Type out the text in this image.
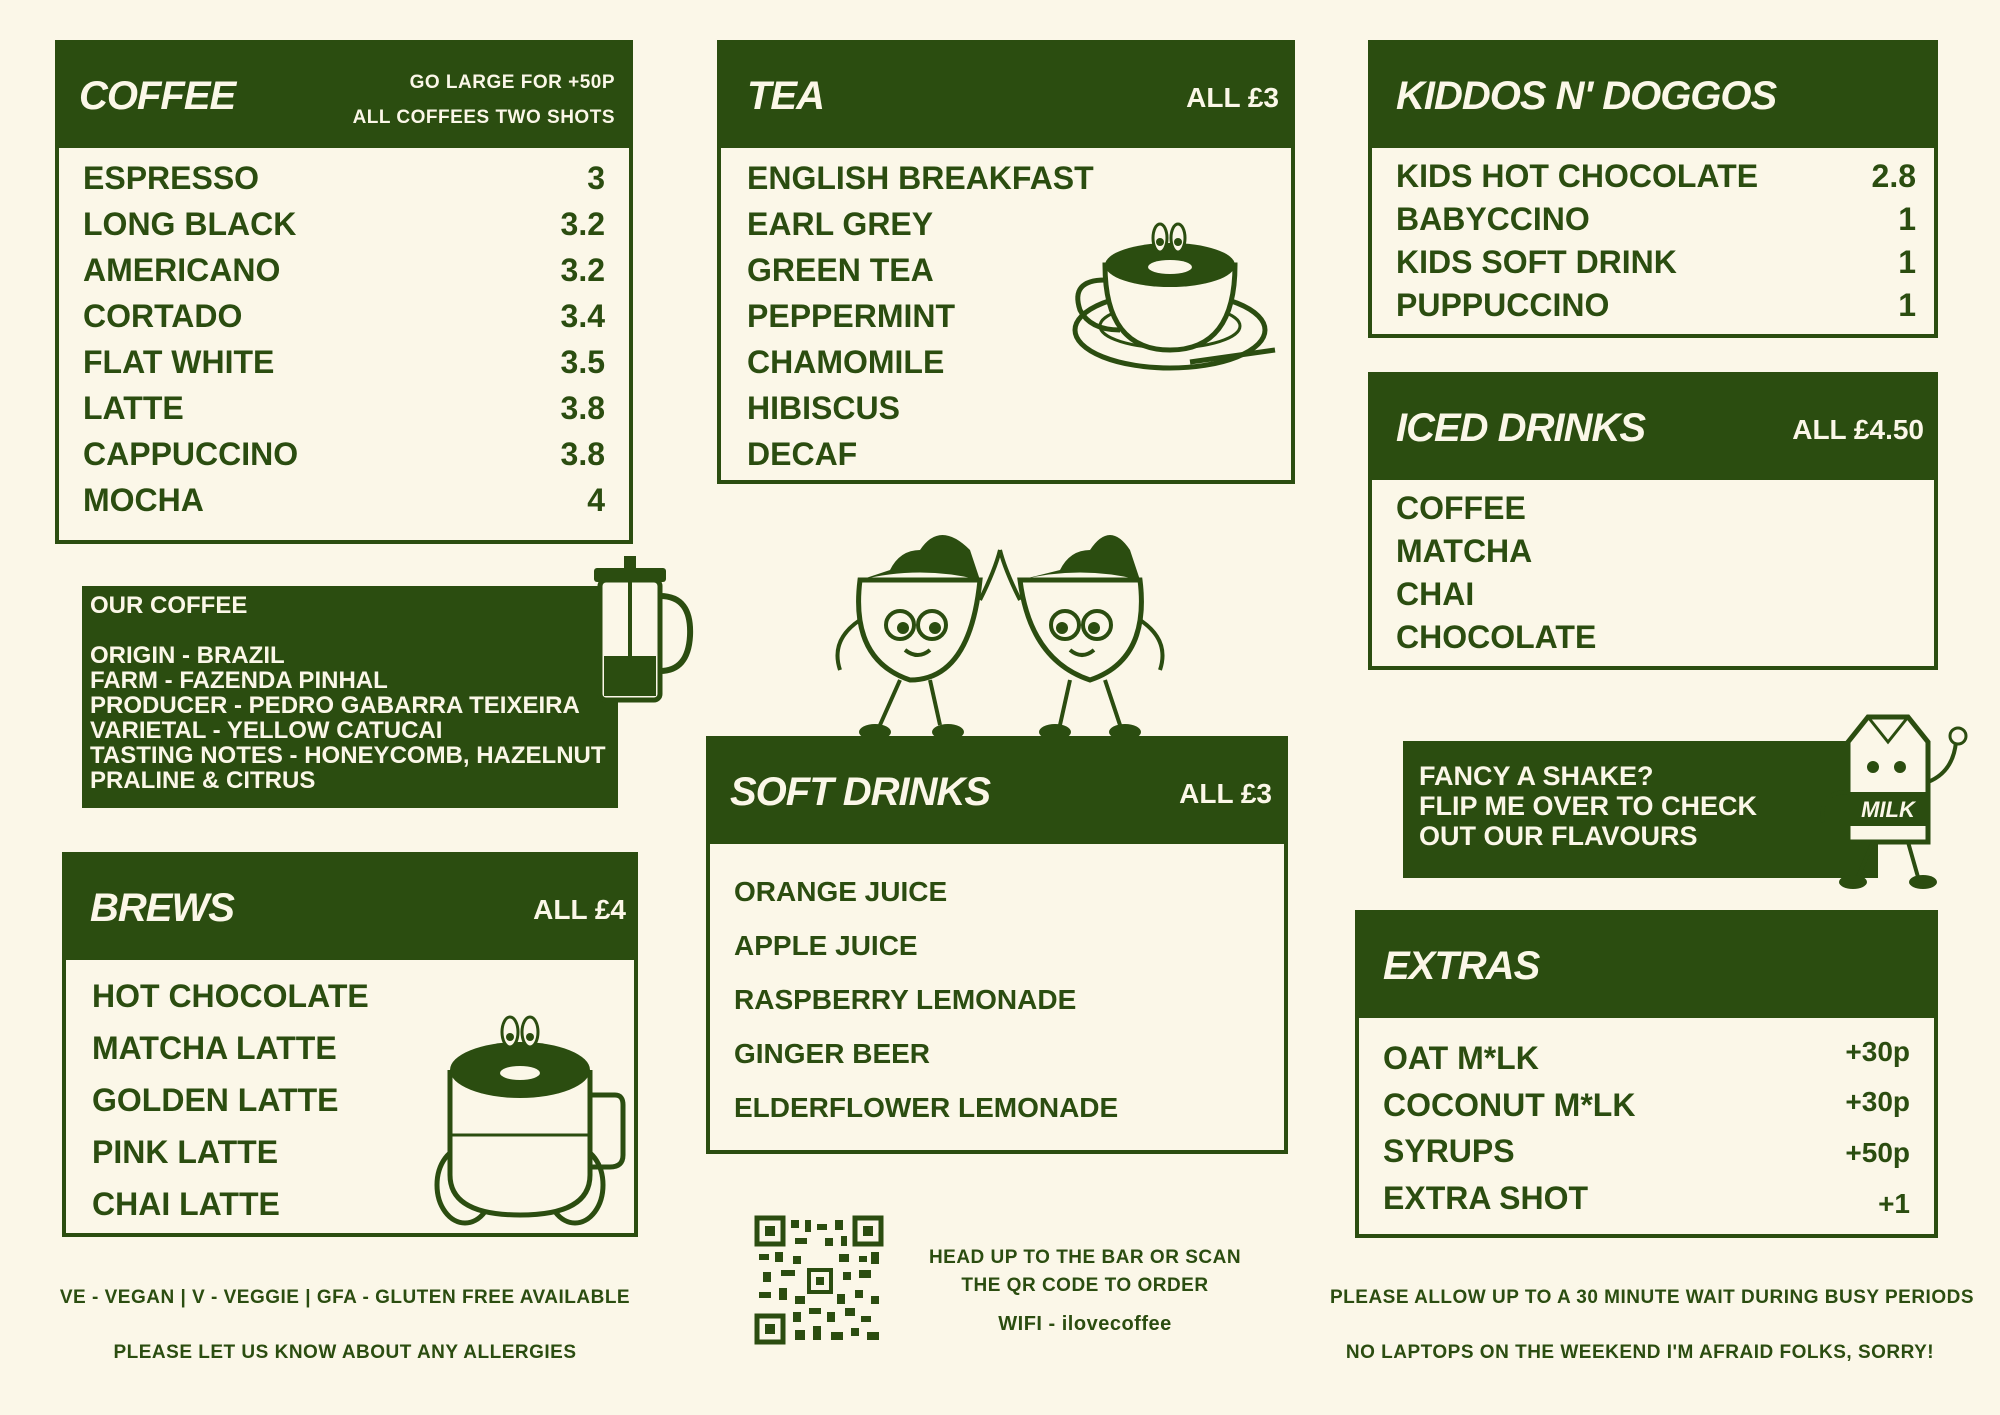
COFFEE	GO LARGE FOR +50P
ALL COFFEES TWO SHOTS
ESPRESSO	3
LONG BLACK	3.2
AMERICANO	3.2
CORTADO	3.4
FLAT WHITE	3.5
LATTE	3.8
CAPPUCCINO	3.8
MOCHA	4
TEA	ALL £3
ENGLISH BREAKFAST
EARL GREY
GREEN TEA
PEPPERMINT
CHAMOMILE
HIBISCUS
DECAF
KIDDOS N' DOGGOS
KIDS HOT CHOCOLATE	2.8
BABYCCINO	1
KIDS SOFT DRINK	1
PUPPUCCINO	1
ICED DRINKS	ALL £4.50
COFFEE
MATCHA
CHAI
CHOCOLATE
OUR COFFEE
ORIGIN - BRAZIL
FARM - FAZENDA PINHAL
PRODUCER - PEDRO GABARRA TEIXEIRA
VARIETAL - YELLOW CATUCAI
TASTING NOTES - HONEYCOMB, HAZELNUT
PRALINE & CITRUS
BREWS	ALL £4
HOT CHOCOLATE
MATCHA LATTE
GOLDEN LATTE
PINK LATTE
CHAI LATTE
SOFT DRINKS	ALL £3
ORANGE JUICE
APPLE JUICE
RASPBERRY LEMONADE
GINGER BEER
ELDERFLOWER LEMONADE
FANCY A SHAKE?
FLIP ME OVER TO CHECK
OUT OUR FLAVOURS
MILK
EXTRAS
OAT M*LK	+30p
COCONUT M*LK	+30p
SYRUPS	+50p
EXTRA SHOT	+1
VE - VEGAN | V - VEGGIE | GFA - GLUTEN FREE AVAILABLE
PLEASE LET US KNOW ABOUT ANY ALLERGIES
HEAD UP TO THE BAR OR SCAN
THE QR CODE TO ORDER
WIFI - ilovecoffee
PLEASE ALLOW UP TO A 30 MINUTE WAIT DURING BUSY PERIODS
NO LAPTOPS ON THE WEEKEND I'M AFRAID FOLKS, SORRY!
